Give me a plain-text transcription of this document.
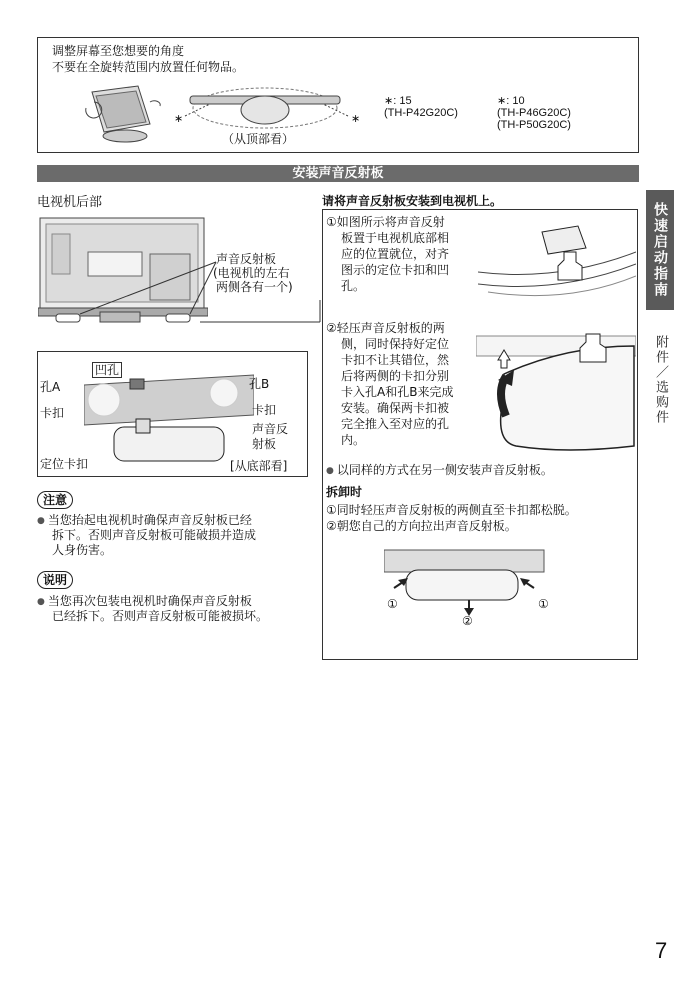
调整屏幕至您想要的角度
不要在全旋转范围内放置任何物品。
∗	∗
（从顶部看）
∗: 15
(TH-P42G20C)
∗: 10
(TH-P46G20C)
(TH-P50G20C)
安装声音反射板
电视机后部
声音反射板
(电视机的左右
两侧各有一个)
凹孔
孔A	孔B
卡扣	卡扣
声音反
射板
定位卡扣	[从底部看]
注意
● 当您抬起电视机时确保声音反射板已经
拆下。否则声音反射板可能破损并造成
人身伤害。
说明
● 当您再次包装电视机时确保声音反射板
已经拆下。否则声音反射板可能被损坏。
请将声音反射板安装到电视机上。
①如图所示将声音反射
板置于电视机底部相
应的位置就位，对齐
图示的定位卡扣和凹
孔。
②轻压声音反射板的两
侧，同时保持好定位
卡扣不让其错位，然
后将两侧的卡扣分别
卡入孔A和孔B来完成
安装。确保两卡扣被
完全推入至对应的孔
内。
● 以同样的方式在另一侧安装声音反射板。
拆卸时
①同时轻压声音反射板的两侧直至卡扣都松脱。
②朝您自己的方向拉出声音反射板。
①
②
①
快速启动指南
附件／选购件
7
